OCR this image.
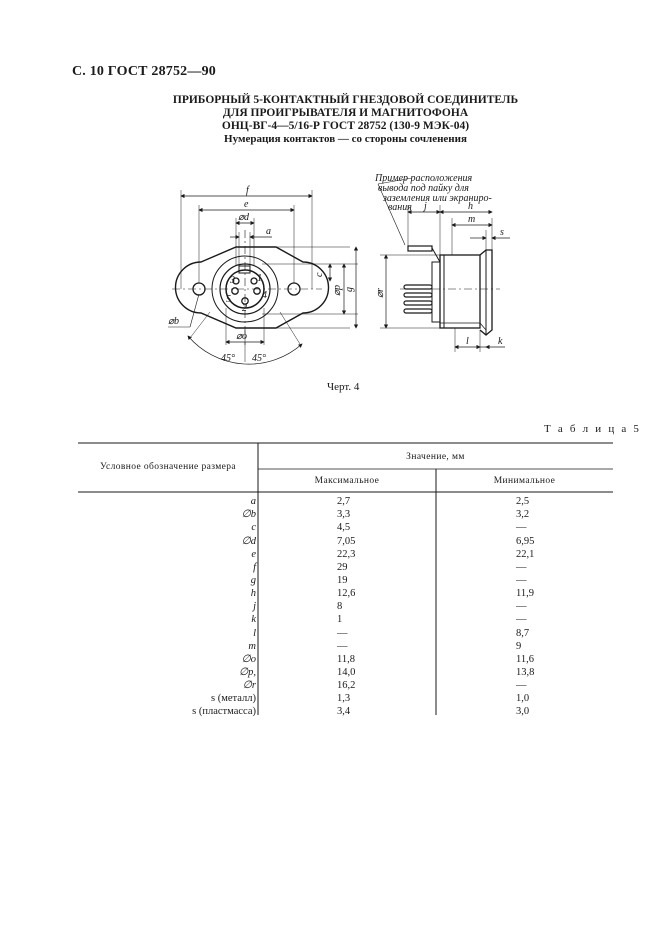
С. 10 ГОСТ 28752—90
ПРИБОРНЫЙ 5-КОНТАКТНЫЙ ГНЕЗДОВОЙ СОЕДИНИТЕЛЬ
ДЛЯ ПРОИГРЫВАТЕЛЯ И МАГНИТОФОНА
ОНЦ-ВГ-4—5/16-Р ГОСТ 28752 (130-9 МЭК-04)
Нумерация контактов — со стороны сочленения
f
e
⌀d
a
c
⌀p g
⌀b
⌀o
45° 45°
5
3
4
1
2
⌀r
j	h
m
s
l	k
Пример расположения
вывода под пайку для
заземления или экраниро-
вания
Черт. 4
Т а б л и ц а 5
Условное обозначение размера
Значение, мм
Максимальное	Минимальное
a	2,7	2,5
∅b	3,3	3,2
c	4,5	—
∅d	7,05	6,95
e	22,3	22,1
f	29	—
g	19	—
h	12,6	11,9
j	8	—
k	1	—
l	—	8,7
m	—	9
∅o	11,8	11,6
∅p,	14,0	13,8
∅r	16,2	—
s (металл)	1,3	1,0
s (пластмасса)	3,4	3,0
